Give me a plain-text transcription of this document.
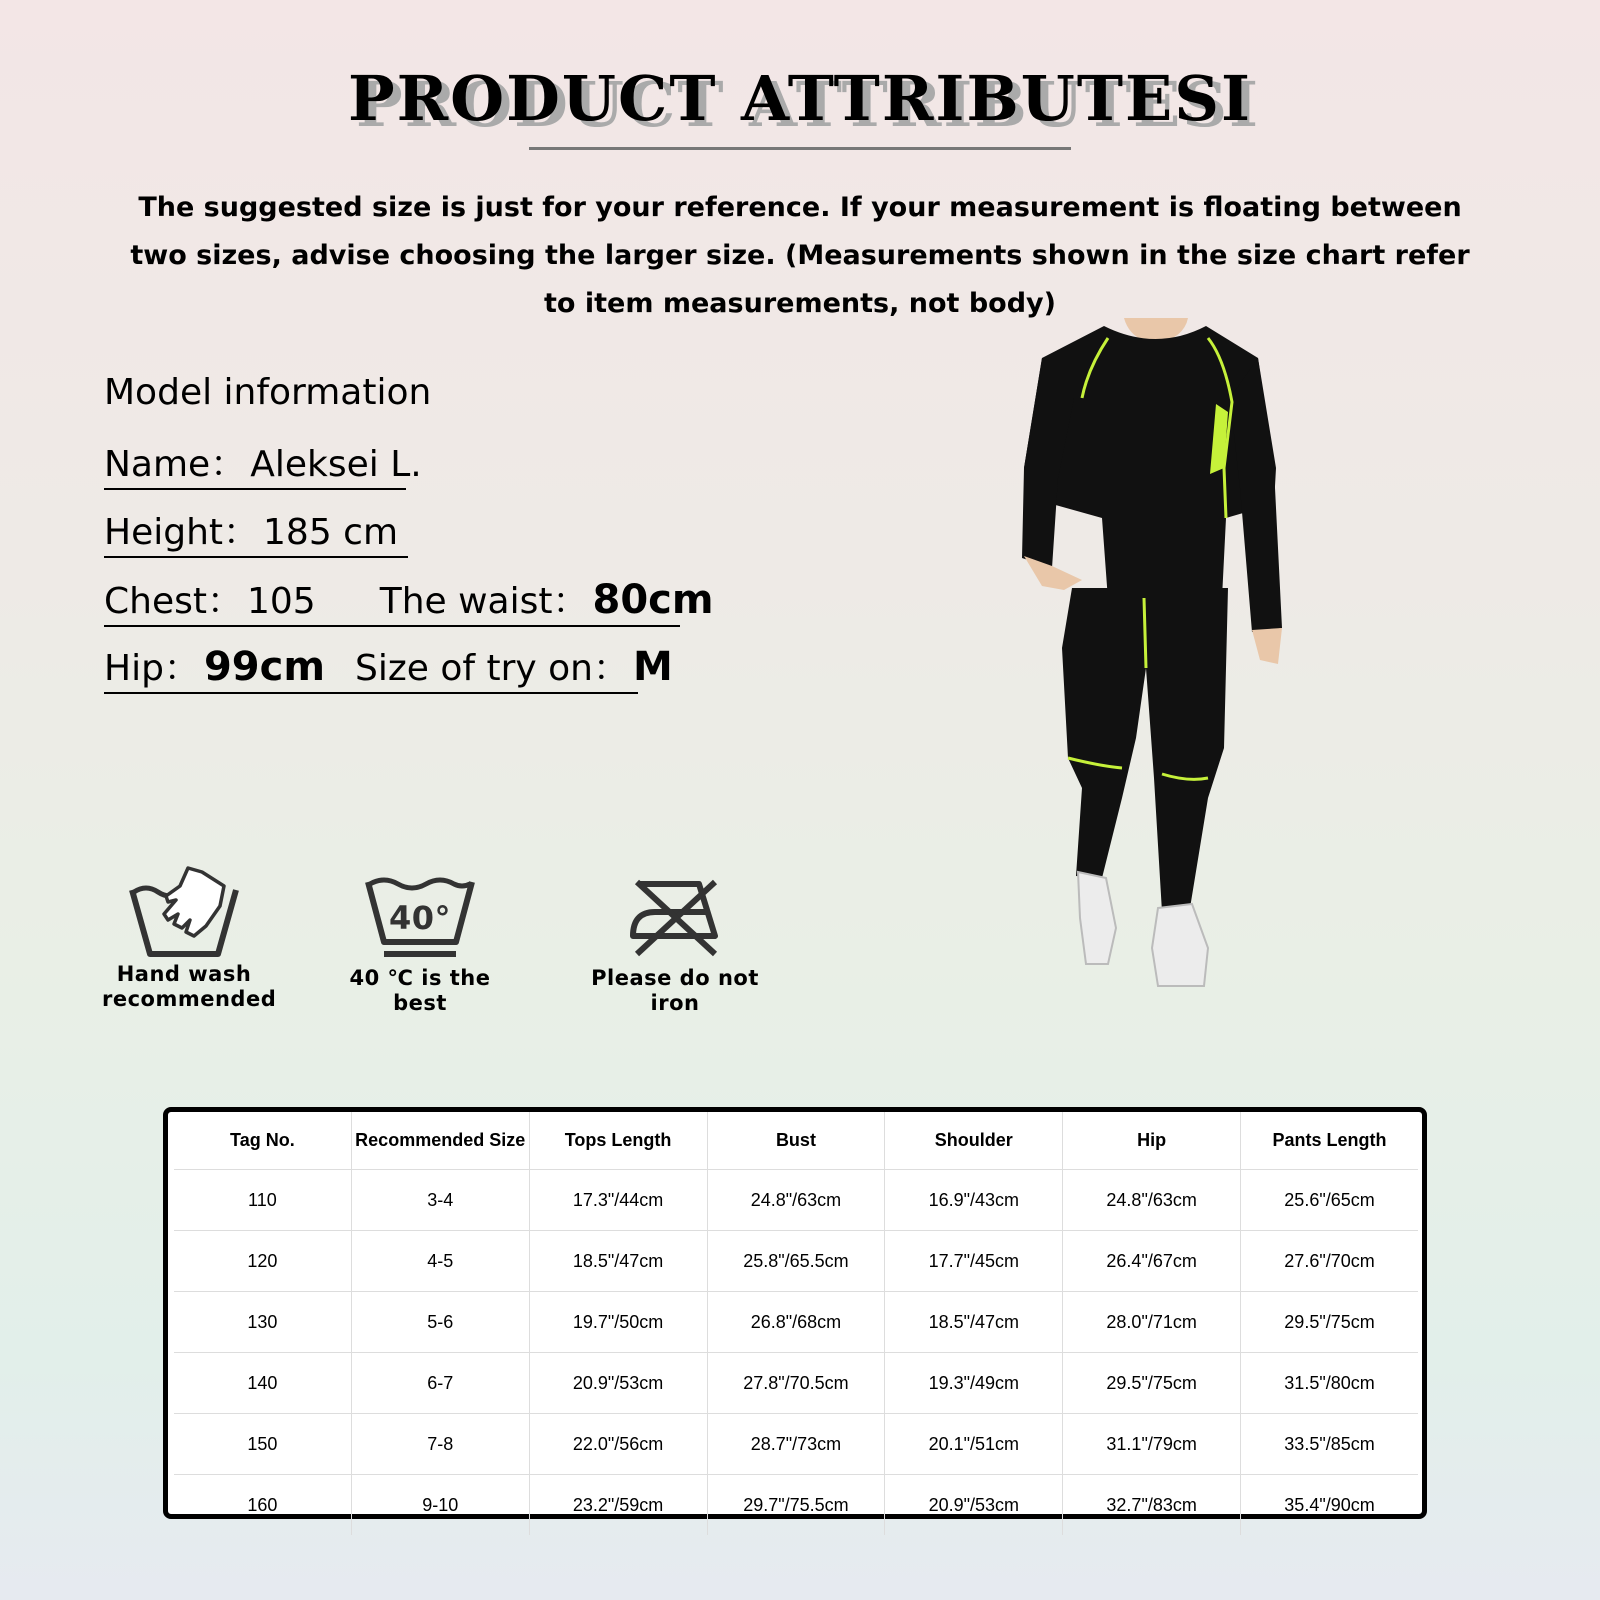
PRODUCT ATTRIBUTESI
The suggested size is just for your reference. If your measurement is floating between two sizes, advise choosing the larger size. (Measurements shown in the size chart refer to item measurements, not body)
Model information
Name： Aleksei L.
Height： 185 cm
Chest： 105 The waist： 80cm
Hip： 99cm Size of try on： M
Hand wash
recommended
40°
40 ℃ is the best
Please do not iron
Tag No.	Recommended Size	Tops Length	Bust	Shoulder	Hip	Pants Length
110	3-4	17.3"/44cm	24.8"/63cm	16.9"/43cm	24.8"/63cm	25.6"/65cm
120	4-5	18.5"/47cm	25.8"/65.5cm	17.7"/45cm	26.4"/67cm	27.6"/70cm
130	5-6	19.7"/50cm	26.8"/68cm	18.5"/47cm	28.0"/71cm	29.5"/75cm
140	6-7	20.9"/53cm	27.8"/70.5cm	19.3"/49cm	29.5"/75cm	31.5"/80cm
150	7-8	22.0"/56cm	28.7"/73cm	20.1"/51cm	31.1"/79cm	33.5"/85cm
160	9-10	23.2"/59cm	29.7"/75.5cm	20.9"/53cm	32.7"/83cm	35.4"/90cm
